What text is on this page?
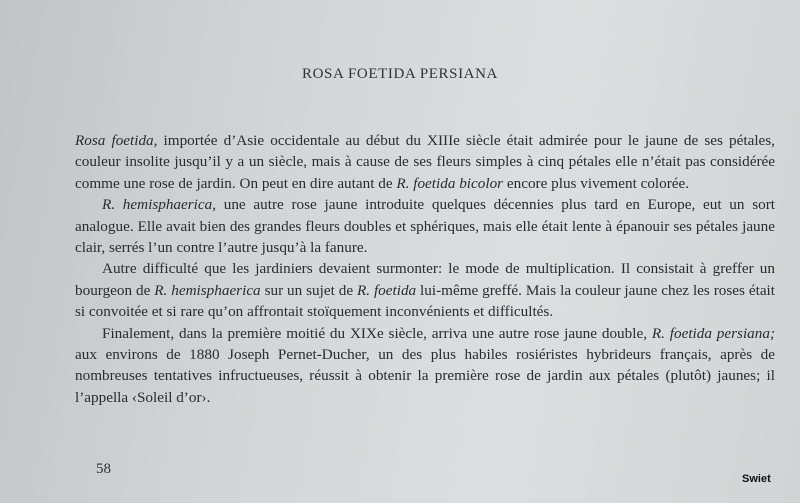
ROSA FOETIDA PERSIANA

Rosa foetida, importée d’Asie occidentale au début du XIIIe siècle était admirée pour le jaune de ses pétales, couleur insolite jusqu’il y a un siècle, mais à cause de ses fleurs simples à cinq pétales elle n’était pas considérée comme une rose de jardin. On peut en dire autant de R. foetida bicolor encore plus vivement colorée.

R. hemisphaerica, une autre rose jaune introduite quelques décennies plus tard en Europe, eut un sort analogue. Elle avait bien des grandes fleurs doubles et sphériques, mais elle était lente à épanouir ses pétales jaune clair, serrés l’un contre l’autre jusqu’à la fanure.

Autre difficulté que les jardiniers devaient surmonter: le mode de multiplication. Il consistait à greffer un bourgeon de R. hemisphaerica sur un sujet de R. foetida lui-même greffé. Mais la couleur jaune chez les roses était si convoitée et si rare qu’on affrontait stoïquement inconvénients et difficultés.

Finalement, dans la première moitié du XIXe siècle, arriva une autre rose jaune double, R. foetida persiana; aux environs de 1880 Joseph Pernet-Ducher, un des plus habiles rosiéristes hybrideurs français, après de nombreuses tentatives infructueuses, réussit à obtenir la première rose de jardin aux pétales (plutôt) jaunes; il l’appella ‹Soleil d’or›.

58
Swiet
